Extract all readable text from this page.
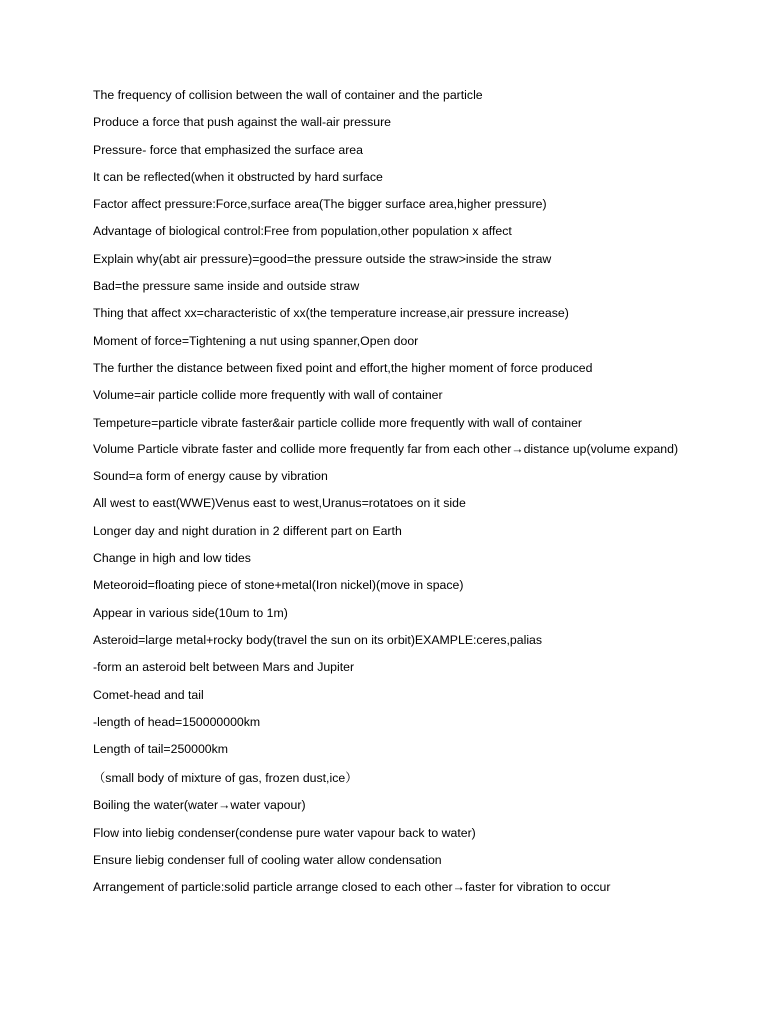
The frequency of collision between the wall of container and the particle

Produce a force that push against the wall-air pressure

Pressure- force that emphasized the surface area

It can be reflected(when it obstructed by hard surface

Factor affect pressure:Force,surface area(The bigger surface area,higher pressure)

Advantage of biological control:Free from population,other population x affect

Explain why(abt air pressure)=good=the pressure outside the straw>inside the straw

Bad=the pressure same inside and outside straw

Thing that affect xx=characteristic of xx(the temperature increase,air pressure increase)

Moment of force=Tightening a nut using spanner,Open door

The further the distance between fixed point and effort,the higher moment of force produced

Volume=air particle collide more frequently with wall of container

Tempeture=particle vibrate faster&air particle collide more frequently with wall of container

Volume Particle vibrate faster and collide more frequently far from each other→distance up(volume expand)

Sound=a form of energy cause by vibration

All west to east(WWE)Venus east to west,Uranus=rotatoes on it side

Longer day and night duration in 2 different part on Earth

Change in high and low tides

Meteoroid=floating piece of stone+metal(Iron nickel)(move in space)

Appear in various side(10um to 1m)

Asteroid=large metal+rocky body(travel the sun on its orbit)EXAMPLE:ceres,palias

-form an asteroid belt between Mars and Jupiter

Comet-head and tail

-length of head=150000000km

Length of tail=250000km

（small body of mixture of gas, frozen dust,ice）

Boiling the water(water→water vapour)

Flow into liebig condenser(condense pure water vapour back to water)

Ensure liebig condenser full of cooling water allow condensation

Arrangement of particle:solid particle arrange closed to each other→faster for vibration to occur
